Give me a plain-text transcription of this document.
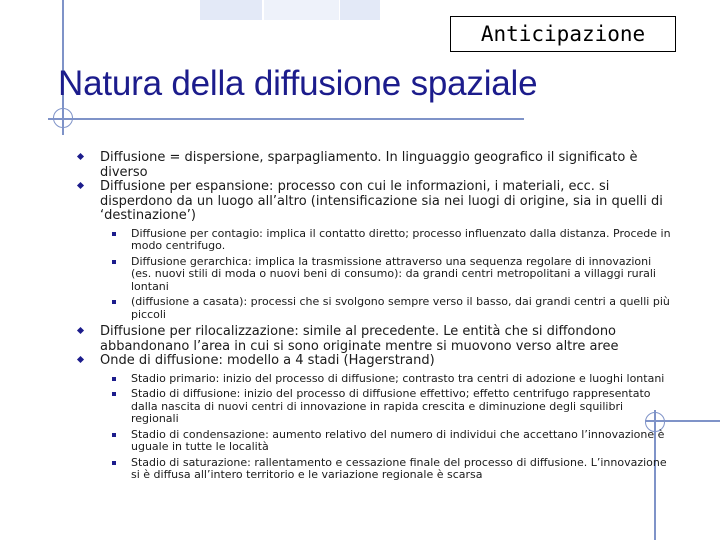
Anticipazione
Natura della diffusione spaziale

Diffusione = dispersione, sparpagliamento. In linguaggio geografico il significato è diverso

Diffusione per espansione: processo con cui le informazioni, i materiali, ecc. si disperdono da un luogo all’altro (intensificazione sia nei luogi di origine, sia in quelli di ‘destinazione’)

Diffusione per contagio: implica il contatto diretto; processo influenzato dalla distanza. Procede in modo centrifugo.

Diffusione gerarchica: implica la trasmissione attraverso una sequenza regolare di innovazioni (es. nuovi stili di moda o nuovi beni di consumo): da grandi centri metropolitani a villaggi rurali lontani

(diffusione a casata): processi che si svolgono sempre verso il basso, dai grandi centri a quelli più piccoli

Diffusione per rilocalizzazione: simile al precedente. Le entità che si diffondono abbandonano l’area in cui si sono originate mentre si muovono verso altre aree

Onde di diffusione: modello a 4 stadi (Hagerstrand)

Stadio primario: inizio del processo di diffusione; contrasto tra centri di adozione e luoghi lontani

Stadio di diffusione: inizio del processo di diffusione effettivo; effetto centrifugo rappresentato dalla nascita di nuovi centri di innovazione in rapida crescita e diminuzione degli squilibri regionali

Stadio di condensazione: aumento relativo del numero di individui che accettano l’innovazione è uguale in tutte le località

Stadio di saturazione: rallentamento e cessazione finale del processo di diffusione. L’innovazione si è diffusa all’intero territorio e le variazione regionale è scarsa
